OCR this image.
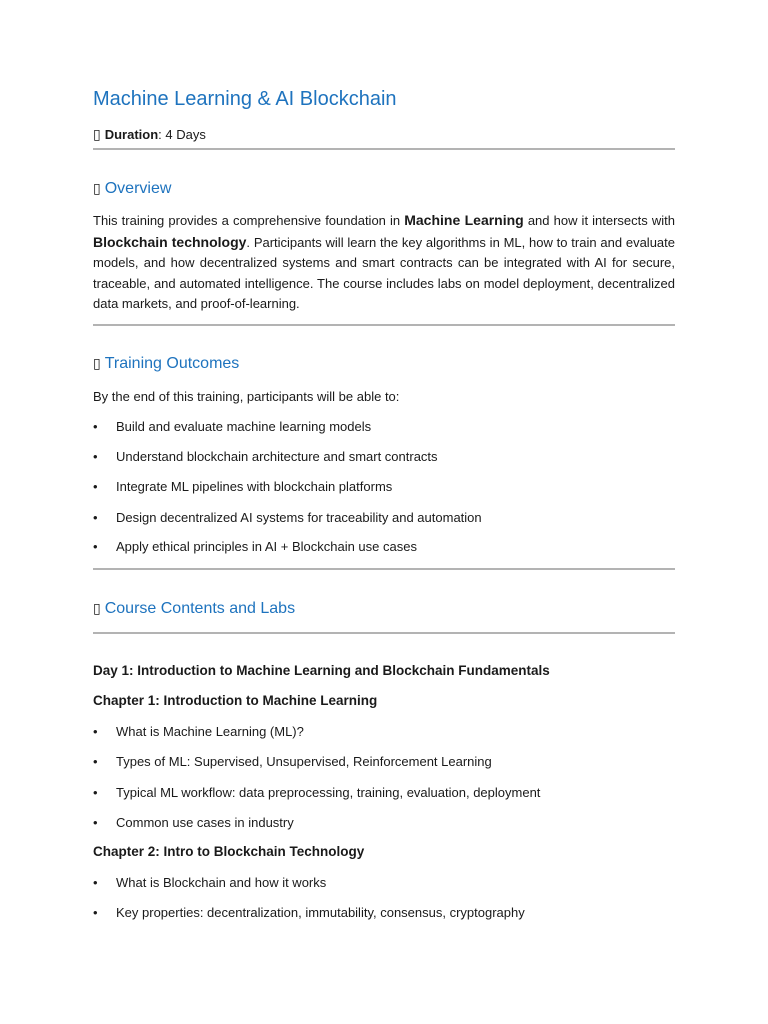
Machine Learning & AI Blockchain
▯ Duration: 4 Days
▯ Overview

This training provides a comprehensive foundation in Machine Learning and how it intersects with Blockchain technology. Participants will learn the key algorithms in ML, how to train and evaluate models, and how decentralized systems and smart contracts can be integrated with AI for secure, traceable, and automated intelligence. The course includes labs on model deployment, decentralized data markets, and proof-of-learning.

▯ Training Outcomes
By the end of this training, participants will be able to:
• Build and evaluate machine learning models
• Understand blockchain architecture and smart contracts
• Integrate ML pipelines with blockchain platforms
• Design decentralized AI systems for traceability and automation
• Apply ethical principles in AI + Blockchain use cases
▯ Course Contents and Labs
Day 1: Introduction to Machine Learning and Blockchain Fundamentals
Chapter 1: Introduction to Machine Learning
• What is Machine Learning (ML)?
• Types of ML: Supervised, Unsupervised, Reinforcement Learning
• Typical ML workflow: data preprocessing, training, evaluation, deployment
• Common use cases in industry
Chapter 2: Intro to Blockchain Technology
• What is Blockchain and how it works
• Key properties: decentralization, immutability, consensus, cryptography
